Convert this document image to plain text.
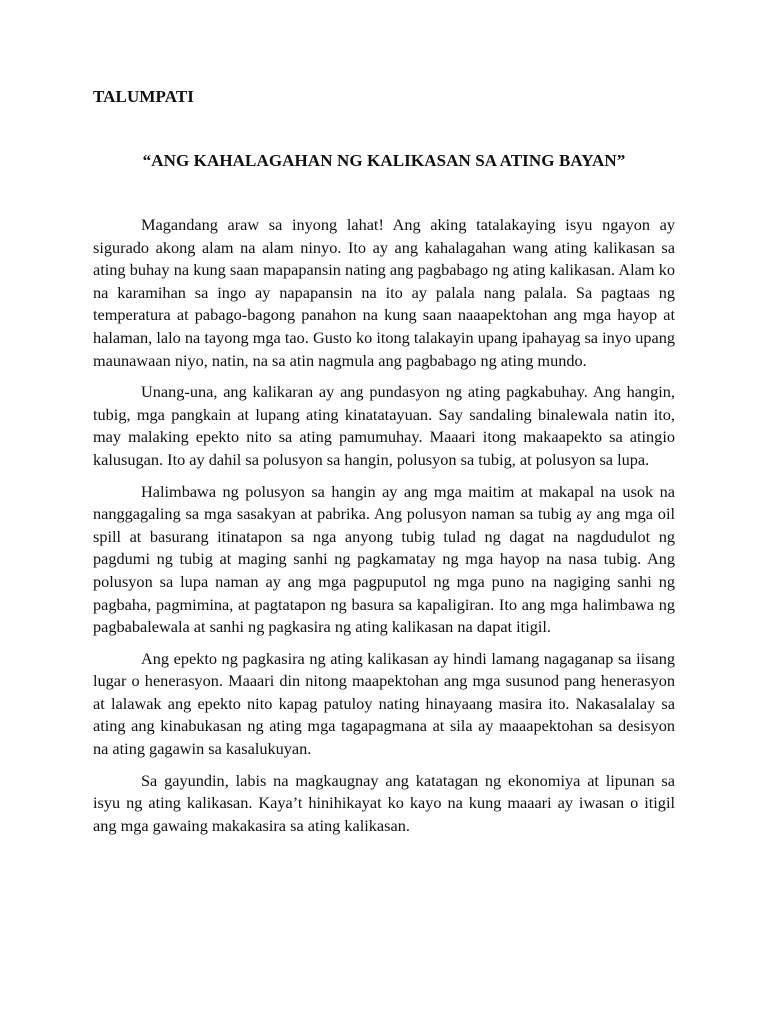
TALUMPATI
“ANG KAHALAGAHAN NG KALIKASAN SA ATING BAYAN”

Magandang araw sa inyong lahat! Ang aking tatalakaying isyu ngayon ay sigurado akong alam na alam ninyo. Ito ay ang kahalagahan wang ating kalikasan sa ating buhay na kung saan mapapansin nating ang pagbabago ng ating kalikasan. Alam ko na karamihan sa ingo ay napapansin na ito ay palala nang palala. Sa pagtaas ng temperatura at pabago-bagong panahon na kung saan naaapektohan ang mga hayop at halaman, lalo na tayong mga tao. Gusto ko itong talakayin upang ipahayag sa inyo upang maunawaan niyo, natin, na sa atin nagmula ang pagbabago ng ating mundo.

Unang-una, ang kalikaran ay ang pundasyon ng ating pagkabuhay. Ang hangin, tubig, mga pangkain at lupang ating kinatatayuan. Say sandaling binalewala natin ito, may malaking epekto nito sa ating pamumuhay. Maaari itong makaapekto sa atingio kalusugan. Ito ay dahil sa polusyon sa hangin, polusyon sa tubig, at polusyon sa lupa.

Halimbawa ng polusyon sa hangin ay ang mga maitim at makapal na usok na nanggagaling sa mga sasakyan at pabrika. Ang polusyon naman sa tubig ay ang mga oil spill at basurang itinatapon sa nga anyong tubig tulad ng dagat na nagdudulot ng pagdumi ng tubig at maging sanhi ng pagkamatay ng mga hayop na nasa tubig. Ang polusyon sa lupa naman ay ang mga pagpuputol ng mga puno na nagiging sanhi ng pagbaha, pagmimina, at pagtatapon ng basura sa kapaligiran. Ito ang mga halimbawa ng pagbabalewala at sanhi ng pagkasira ng ating kalikasan na dapat itigil.

Ang epekto ng pagkasira ng ating kalikasan ay hindi lamang nagaganap sa iisang lugar o henerasyon. Maaari din nitong maapektohan ang mga susunod pang henerasyon at lalawak ang epekto nito kapag patuloy nating hinayaang masira ito. Nakasalalay sa ating ang kinabukasan ng ating mga tagapagmana at sila ay maaapektohan sa desisyon na ating gagawin sa kasalukuyan.

Sa gayundin, labis na magkaugnay ang katatagan ng ekonomiya at lipunan sa isyu ng ating kalikasan. Kaya’t hinihikayat ko kayo na kung maaari ay iwasan o itigil ang mga gawaing makakasira sa ating kalikasan.
